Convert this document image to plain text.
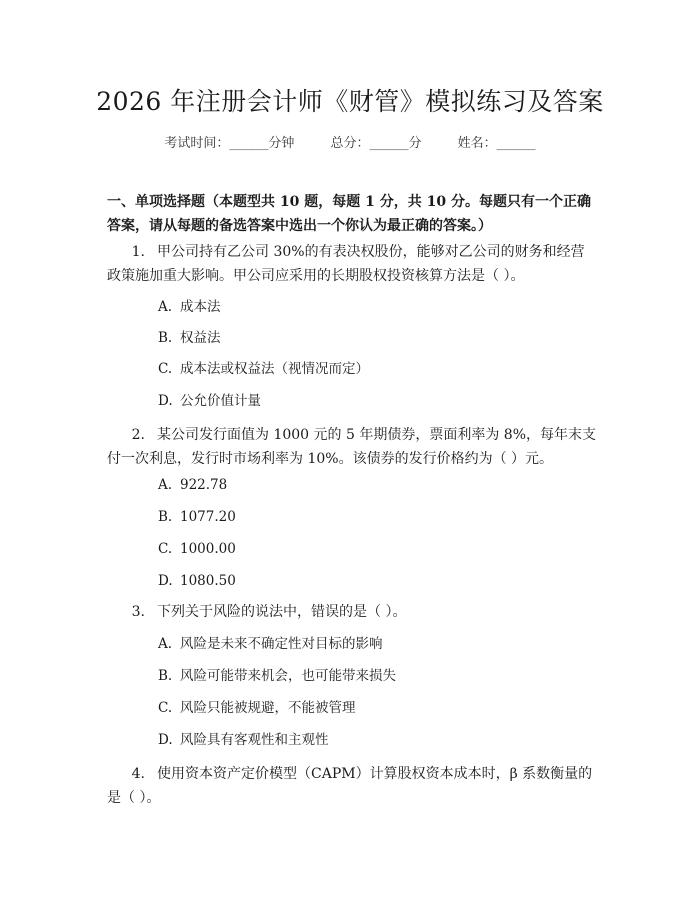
2026 年注册会计师《财管》模拟练习及答案
考试时间：______分钟	总分：______分	姓名：______
一、单项选择题（本题型共 10 题，每题 1 分，共 10 分。每题只有一个正确答案，请从每题的备选答案中选出一个你认为最正确的答案。）
1. 甲公司持有乙公司 30%的有表决权股份，能够对乙公司的财务和经营政策施加重大影响。甲公司应采用的长期股权投资核算方法是（ ）。
A. 成本法
B. 权益法
C. 成本法或权益法（视情况而定）
D. 公允价值计量
2. 某公司发行面值为 1000 元的 5 年期债券，票面利率为 8%，每年末支付一次利息，发行时市场利率为 10%。该债券的发行价格约为（ ）元。
A. 922.78
B. 1077.20
C. 1000.00
D. 1080.50
3. 下列关于风险的说法中，错误的是（ ）。
A. 风险是未来不确定性对目标的影响
B. 风险可能带来机会，也可能带来损失
C. 风险只能被规避，不能被管理
D. 风险具有客观性和主观性
4. 使用资本资产定价模型（CAPM）计算股权资本成本时，β 系数衡量的是（ ）。
